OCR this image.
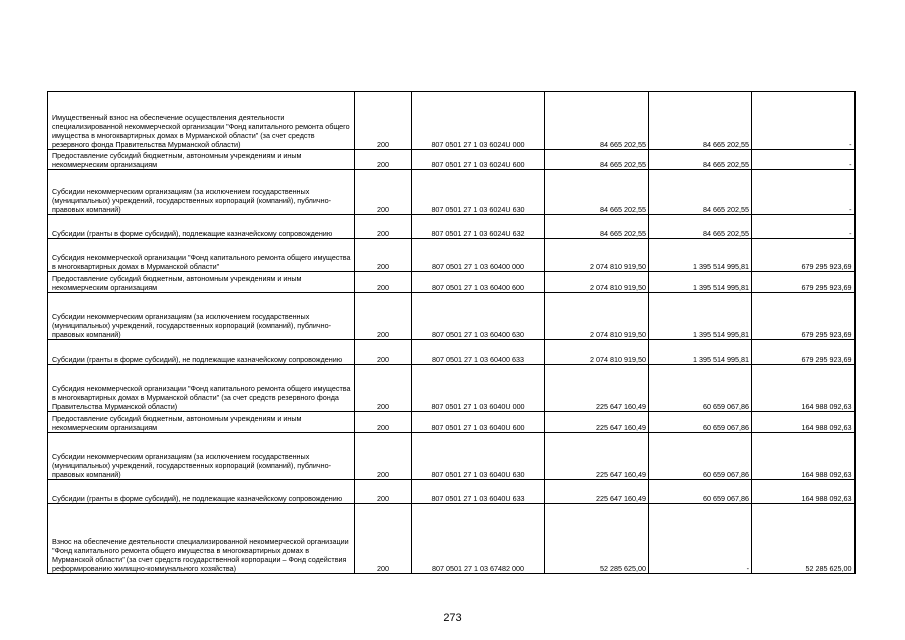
Имущественный взнос на обеспечение осуществления деятельности специализированной некоммерческой организации "Фонд капитального ремонта общего имущества в многоквартирных домах в Мурманской области" (за счет средств резервного фонда Правительства Мурманской области)	200	807 0501 27 1 03 6024U 000	84 665 202,55	84 665 202,55	-
Предоставление субсидий бюджетным, автономным учреждениям и иным некоммерческим организациям	200	807 0501 27 1 03 6024U 600	84 665 202,55	84 665 202,55	-
Субсидии некоммерческим организациям (за исключением государственных (муниципальных) учреждений, государственных корпораций (компаний), публично-правовых компаний)	200	807 0501 27 1 03 6024U 630	84 665 202,55	84 665 202,55	-
Субсидии (гранты в форме субсидий), подлежащие казначейскому сопровождению	200	807 0501 27 1 03 6024U 632	84 665 202,55	84 665 202,55	-
Субсидия некоммерческой организации "Фонд капитального ремонта общего имущества в многоквартирных домах в Мурманской области"	200	807 0501 27 1 03 60400 000	2 074 810 919,50	1 395 514 995,81	679 295 923,69
Предоставление субсидий бюджетным, автономным учреждениям и иным некоммерческим организациям	200	807 0501 27 1 03 60400 600	2 074 810 919,50	1 395 514 995,81	679 295 923,69
Субсидии некоммерческим организациям (за исключением государственных (муниципальных) учреждений, государственных корпораций (компаний), публично-правовых компаний)	200	807 0501 27 1 03 60400 630	2 074 810 919,50	1 395 514 995,81	679 295 923,69
Субсидии (гранты в форме субсидий), не подлежащие казначейскому сопровождению	200	807 0501 27 1 03 60400 633	2 074 810 919,50	1 395 514 995,81	679 295 923,69
Субсидия некоммерческой организации "Фонд капитального ремонта общего имущества в многоквартирных домах в Мурманской области" (за счет средств резервного фонда Правительства Мурманской области)	200	807 0501 27 1 03 6040U 000	225 647 160,49	60 659 067,86	164 988 092,63
Предоставление субсидий бюджетным, автономным учреждениям и иным некоммерческим организациям	200	807 0501 27 1 03 6040U 600	225 647 160,49	60 659 067,86	164 988 092,63
Субсидии некоммерческим организациям (за исключением государственных (муниципальных) учреждений, государственных корпораций (компаний), публично-правовых компаний)	200	807 0501 27 1 03 6040U 630	225 647 160,49	60 659 067,86	164 988 092,63
Субсидии (гранты в форме субсидий), не подлежащие казначейскому сопровождению	200	807 0501 27 1 03 6040U 633	225 647 160,49	60 659 067,86	164 988 092,63
Взнос на обеспечение деятельности специализированной некоммерческой организации "Фонд капитального ремонта общего имущества в многоквартирных домах в Мурманской области" (за счет средств государственной корпорации – Фонд содействия реформированию жилищно-коммунального хозяйства)	200	807 0501 27 1 03 67482 000	52 285 625,00	-	52 285 625,00
273
